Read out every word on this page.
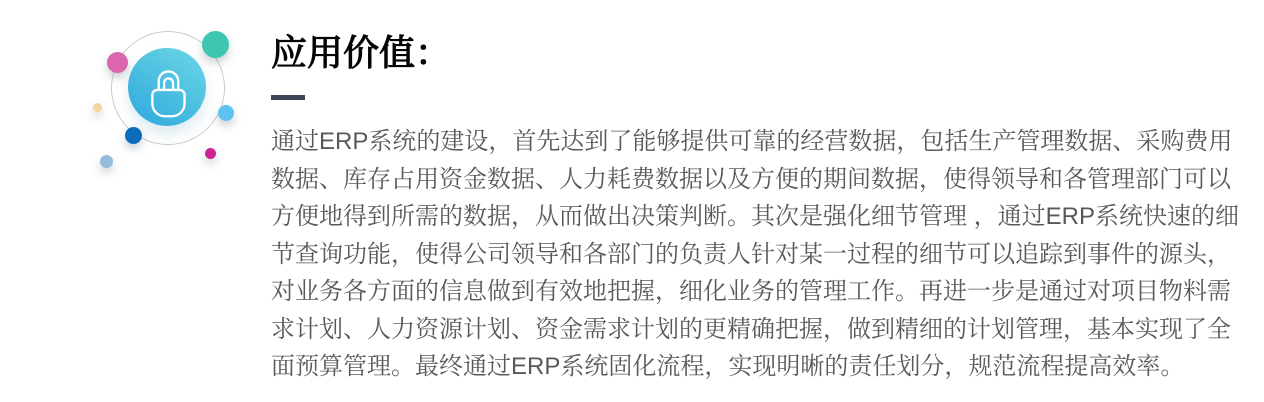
应用价值：
通过ERP系统的建设，首先达到了能够提供可靠的经营数据，包括生产管理数据、采购费用
数据、库存占用资金数据、人力耗费数据以及方便的期间数据，使得领导和各管理部门可以
方便地得到所需的数据，从而做出决策判断。其次是强化细节管理 ，通过ERP系统快速的细
节查询功能，使得公司领导和各部门的负责人针对某一过程的细节可以追踪到事件的源头，
对业务各方面的信息做到有效地把握，细化业务的管理工作。再进一步是通过对项目物料需
求计划、人力资源计划、资金需求计划的更精确把握，做到精细的计划管理，基本实现了全
面预算管理。最终通过ERP系统固化流程，实现明晰的责任划分，规范流程提高效率。
